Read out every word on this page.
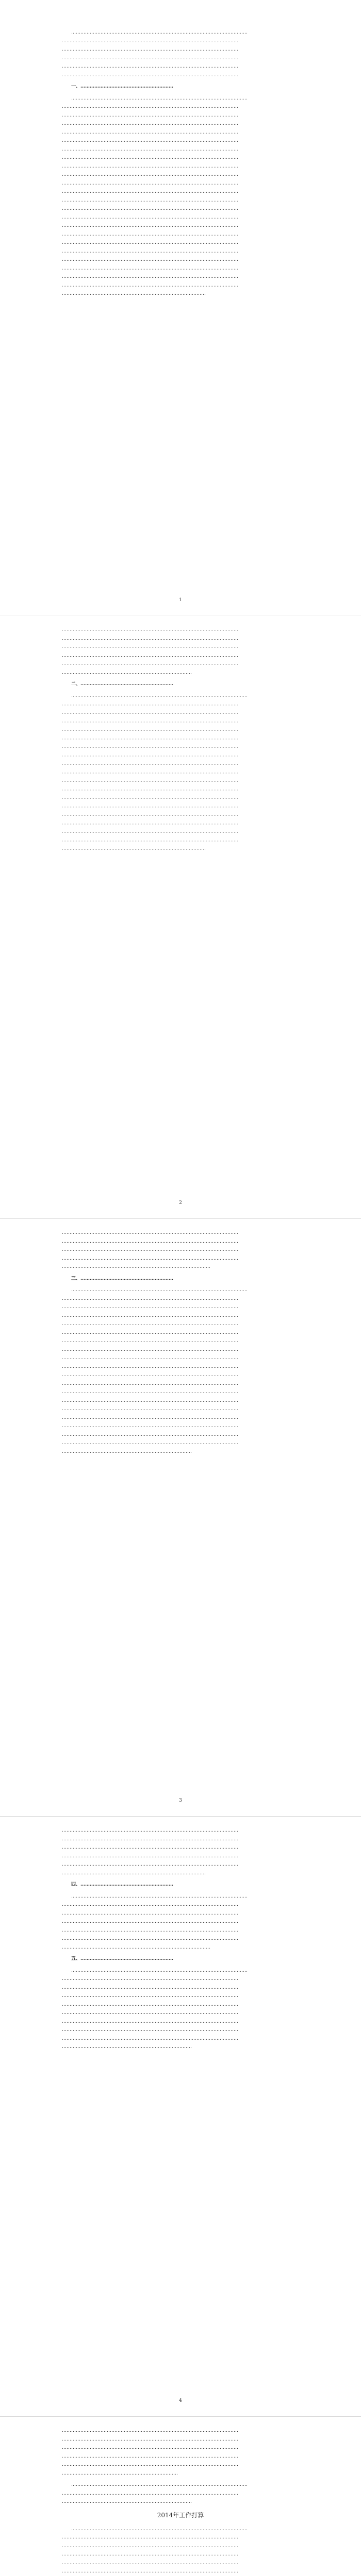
……………………………………………………………………………………………………
……………………………………………………………………………………………………
……………………………………………………………………………………………………
……………………………………………………………………………………………………
……………………………………………………………………………………………………
……………………………………………………………………………………………………
一、……………………………………………………
……………………………………………………………………………………………………
……………………………………………………………………………………………………
……………………………………………………………………………………………………
……………………………………………………………………………………………………
……………………………………………………………………………………………………
……………………………………………………………………………………………………
……………………………………………………………………………………………………
……………………………………………………………………………………………………
……………………………………………………………………………………………………
……………………………………………………………………………………………………
……………………………………………………………………………………………………
……………………………………………………………………………………………………
……………………………………………………………………………………………………
……………………………………………………………………………………………………
……………………………………………………………………………………………………
……………………………………………………………………………………………………
……………………………………………………………………………………………………
……………………………………………………………………………………………………
……………………………………………………………………………………………………
……………………………………………………………………………………………………
……………………………………………………………………………………………………
……………………………………………………………………………………………………
……………………………………………………………………………………………………
…………………………………………………………………………………
1
……………………………………………………………………………………………………
……………………………………………………………………………………………………
……………………………………………………………………………………………………
……………………………………………………………………………………………………
……………………………………………………………………………………………………
…………………………………………………………………………
二、……………………………………………………
……………………………………………………………………………………………………
……………………………………………………………………………………………………
……………………………………………………………………………………………………
……………………………………………………………………………………………………
……………………………………………………………………………………………………
……………………………………………………………………………………………………
……………………………………………………………………………………………………
……………………………………………………………………………………………………
……………………………………………………………………………………………………
……………………………………………………………………………………………………
……………………………………………………………………………………………………
……………………………………………………………………………………………………
……………………………………………………………………………………………………
……………………………………………………………………………………………………
……………………………………………………………………………………………………
……………………………………………………………………………………………………
……………………………………………………………………………………………………
……………………………………………………………………………………………………
…………………………………………………………………………………
2
……………………………………………………………………………………………………
……………………………………………………………………………………………………
……………………………………………………………………………………………………
……………………………………………………………………………………………………
……………………………………………………………………………………
三、……………………………………………………
……………………………………………………………………………………………………
……………………………………………………………………………………………………
……………………………………………………………………………………………………
……………………………………………………………………………………………………
……………………………………………………………………………………………………
……………………………………………………………………………………………………
……………………………………………………………………………………………………
……………………………………………………………………………………………………
……………………………………………………………………………………………………
……………………………………………………………………………………………………
……………………………………………………………………………………………………
……………………………………………………………………………………………………
……………………………………………………………………………………………………
……………………………………………………………………………………………………
……………………………………………………………………………………………………
……………………………………………………………………………………………………
……………………………………………………………………………………………………
……………………………………………………………………………………………………
……………………………………………………………………………………………………
…………………………………………………………………………
3
……………………………………………………………………………………………………
……………………………………………………………………………………………………
……………………………………………………………………………………………………
……………………………………………………………………………………………………
……………………………………………………………………………………………………
…………………………………………………………………………………
四、……………………………………………………
……………………………………………………………………………………………………
……………………………………………………………………………………………………
……………………………………………………………………………………………………
……………………………………………………………………………………………………
……………………………………………………………………………………………………
……………………………………………………………………………………………………
……………………………………………………………………………………
五、……………………………………………………
……………………………………………………………………………………………………
……………………………………………………………………………………………………
……………………………………………………………………………………………………
……………………………………………………………………………………………………
……………………………………………………………………………………………………
……………………………………………………………………………………………………
……………………………………………………………………………………………………
……………………………………………………………………………………………………
……………………………………………………………………………………………………
…………………………………………………………………………
4
……………………………………………………………………………………………………
……………………………………………………………………………………………………
……………………………………………………………………………………………………
……………………………………………………………………………………………………
……………………………………………………………………………………………………
…………………………………………………………………
……………………………………………………………………………………………………
……………………………………………………………………………………………………
…………………………………………………………………………
2014年工作打算
……………………………………………………………………………………………………
……………………………………………………………………………………………………
……………………………………………………………………………………………………
……………………………………………………………………………………………………
……………………………………………………………………………………………………
……………………………………………………………………………………………………
